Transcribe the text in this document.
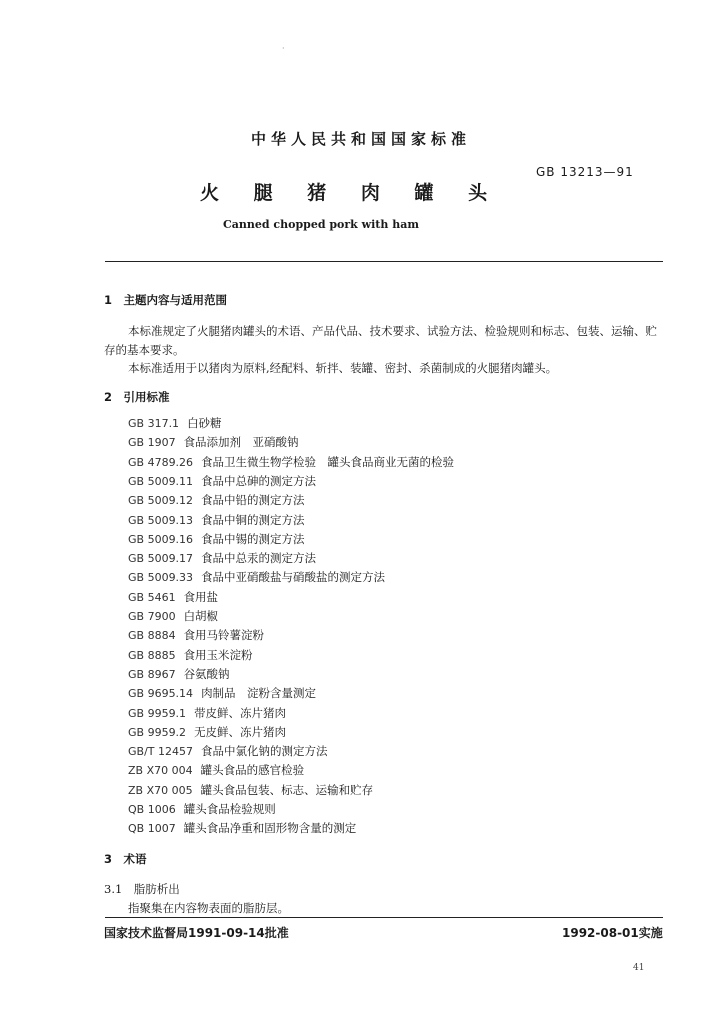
·
中华人民共和国国家标准
GB 13213—91
火 腿 猪 肉 罐 头
Canned chopped pork with ham
1　主题内容与适用范围
本标准规定了火腿猪肉罐头的术语、产品代品、技术要求、试验方法、检验规则和标志、包装、运输、贮存的基本要求。
本标准适用于以猪肉为原料,经配料、斩拌、装罐、密封、杀菌制成的火腿猪肉罐头。
2　引用标准
GB 317.1 白砂糖
GB 1907 食品添加剂　亚硝酸钠
GB 4789.26 食品卫生微生物学检验　罐头食品商业无菌的检验
GB 5009.11 食品中总砷的测定方法
GB 5009.12 食品中铅的测定方法
GB 5009.13 食品中铜的测定方法
GB 5009.16 食品中锡的测定方法
GB 5009.17 食品中总汞的测定方法
GB 5009.33 食品中亚硝酸盐与硝酸盐的测定方法
GB 5461 食用盐
GB 7900 白胡椒
GB 8884 食用马铃薯淀粉
GB 8885 食用玉米淀粉
GB 8967 谷氨酸钠
GB 9695.14 肉制品　淀粉含量测定
GB 9959.1 带皮鲜、冻片猪肉
GB 9959.2 无皮鲜、冻片猪肉
GB/T 12457 食品中氯化钠的测定方法
ZB X70 004 罐头食品的感官检验
ZB X70 005 罐头食品包装、标志、运输和贮存
QB 1006 罐头食品检验规则
QB 1007 罐头食品净重和固形物含量的测定
3　术语
3.1　脂肪析出
指聚集在内容物表面的脂肪层。
国家技术监督局1991-09-14批准	1992-08-01实施
41
